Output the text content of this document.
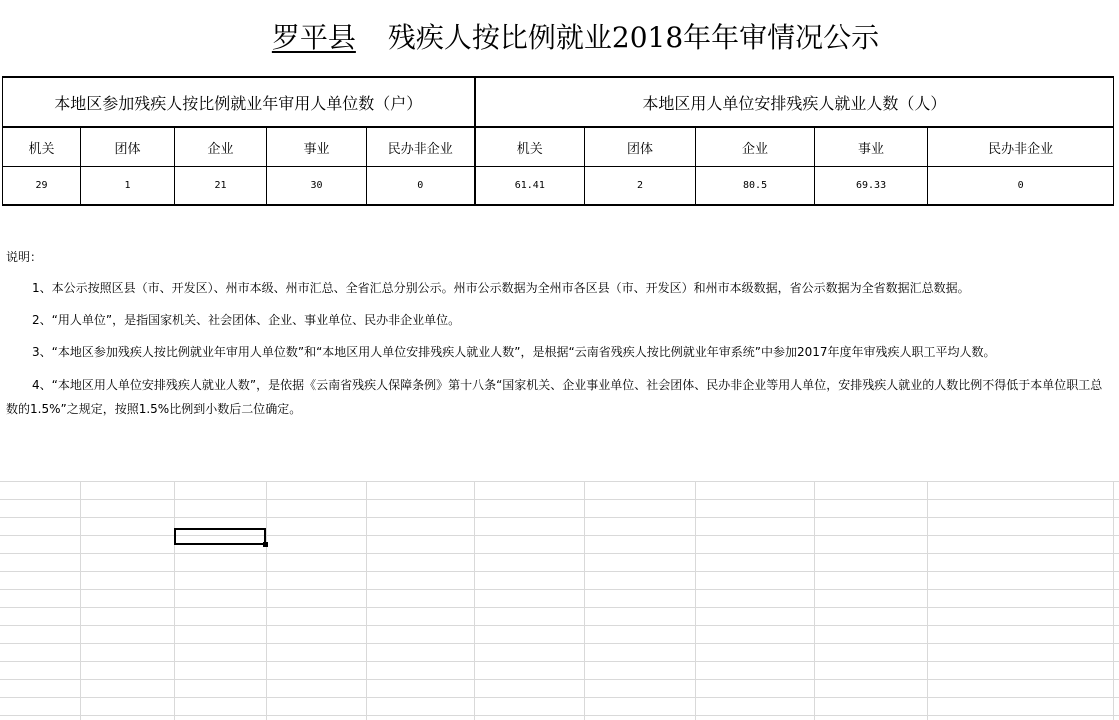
罗平县 残疾人按比例就业2018年年审情况公示
本地区参加残疾人按比例就业年审用人单位数（户）					本地区用人单位安排残疾人就业人数（人）				
机关	团体	企业	事业	民办非企业	机关	团体	企业	事业	民办非企业
29	1	21	30	0	61.41	2	80.5	69.33	0
说明：

1、本公示按照区县（市、开发区）、州市本级、州市汇总、全省汇总分别公示。州市公示数据为全州市各区县（市、开发区）和州市本级数据，省公示数据为全省数据汇总数据。

2、“用人单位”，是指国家机关、社会团体、企业、事业单位、民办非企业单位。

3、“本地区参加残疾人按比例就业年审用人单位数”和“本地区用人单位安排残疾人就业人数”，是根据“云南省残疾人按比例就业年审系统”中参加2017年度年审残疾人职工平均人数。

4、“本地区用人单位安排残疾人就业人数”，是依据《云南省残疾人保障条例》第十八条“国家机关、企业事业单位、社会团体、民办非企业等用人单位，安排残疾人就业的人数比例不得低于本单位职工总数的1.5%”之规定，按照1.5%比例到小数后二位确定。
